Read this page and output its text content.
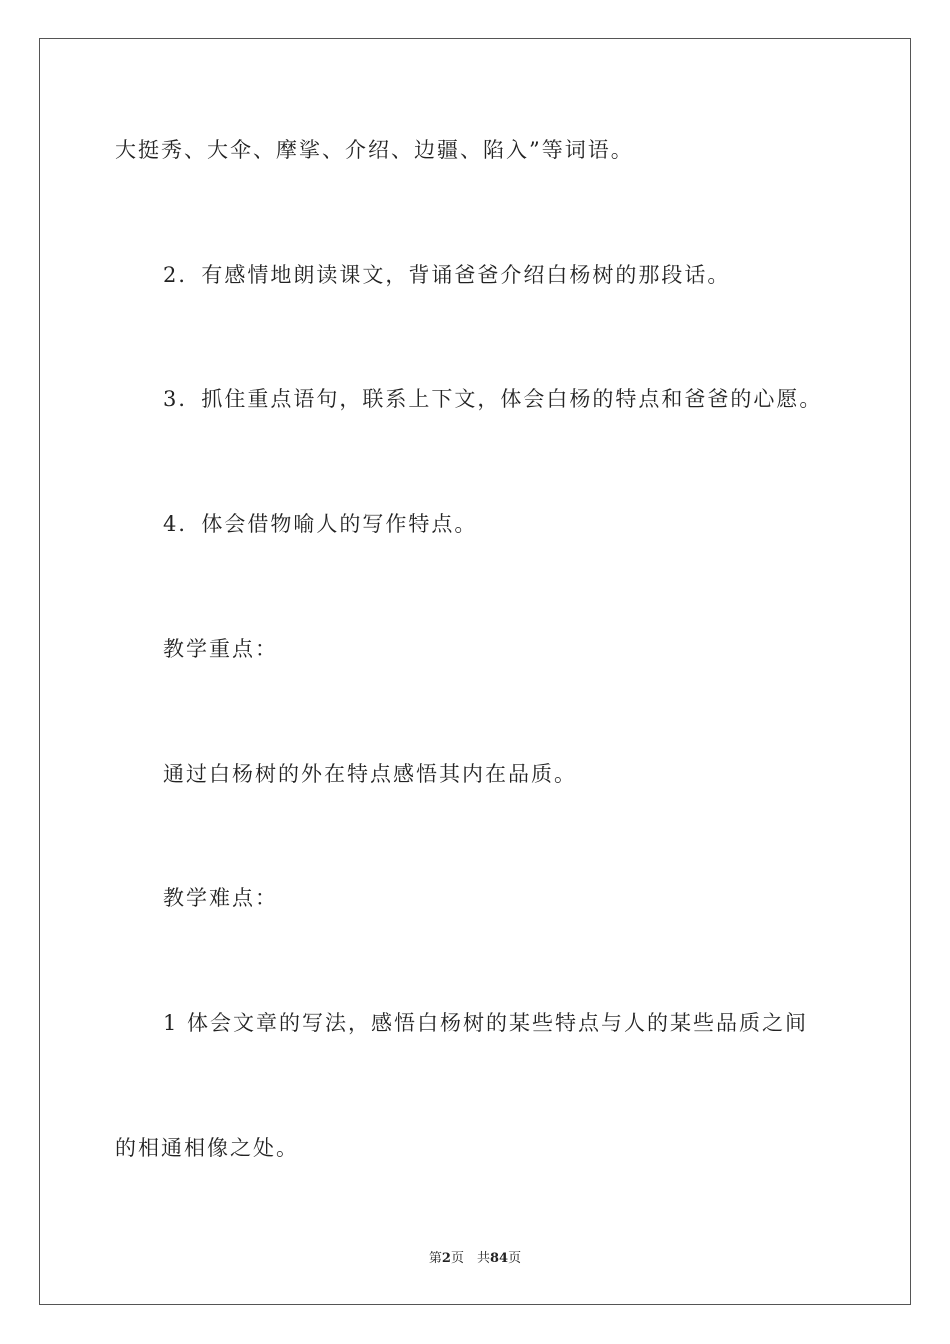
大挺秀、大伞、摩挲、介绍、边疆、陷入”等词语。
2．有感情地朗读课文，背诵爸爸介绍白杨树的那段话。
3．抓住重点语句，联系上下文，体会白杨的特点和爸爸的心愿。
4．体会借物喻人的写作特点。
教学重点：
通过白杨树的外在特点感悟其内在品质。
教学难点：
1 体会文章的写法，感悟白杨树的某些特点与人的某些品质之间
的相通相像之处。
第2页　共84页
